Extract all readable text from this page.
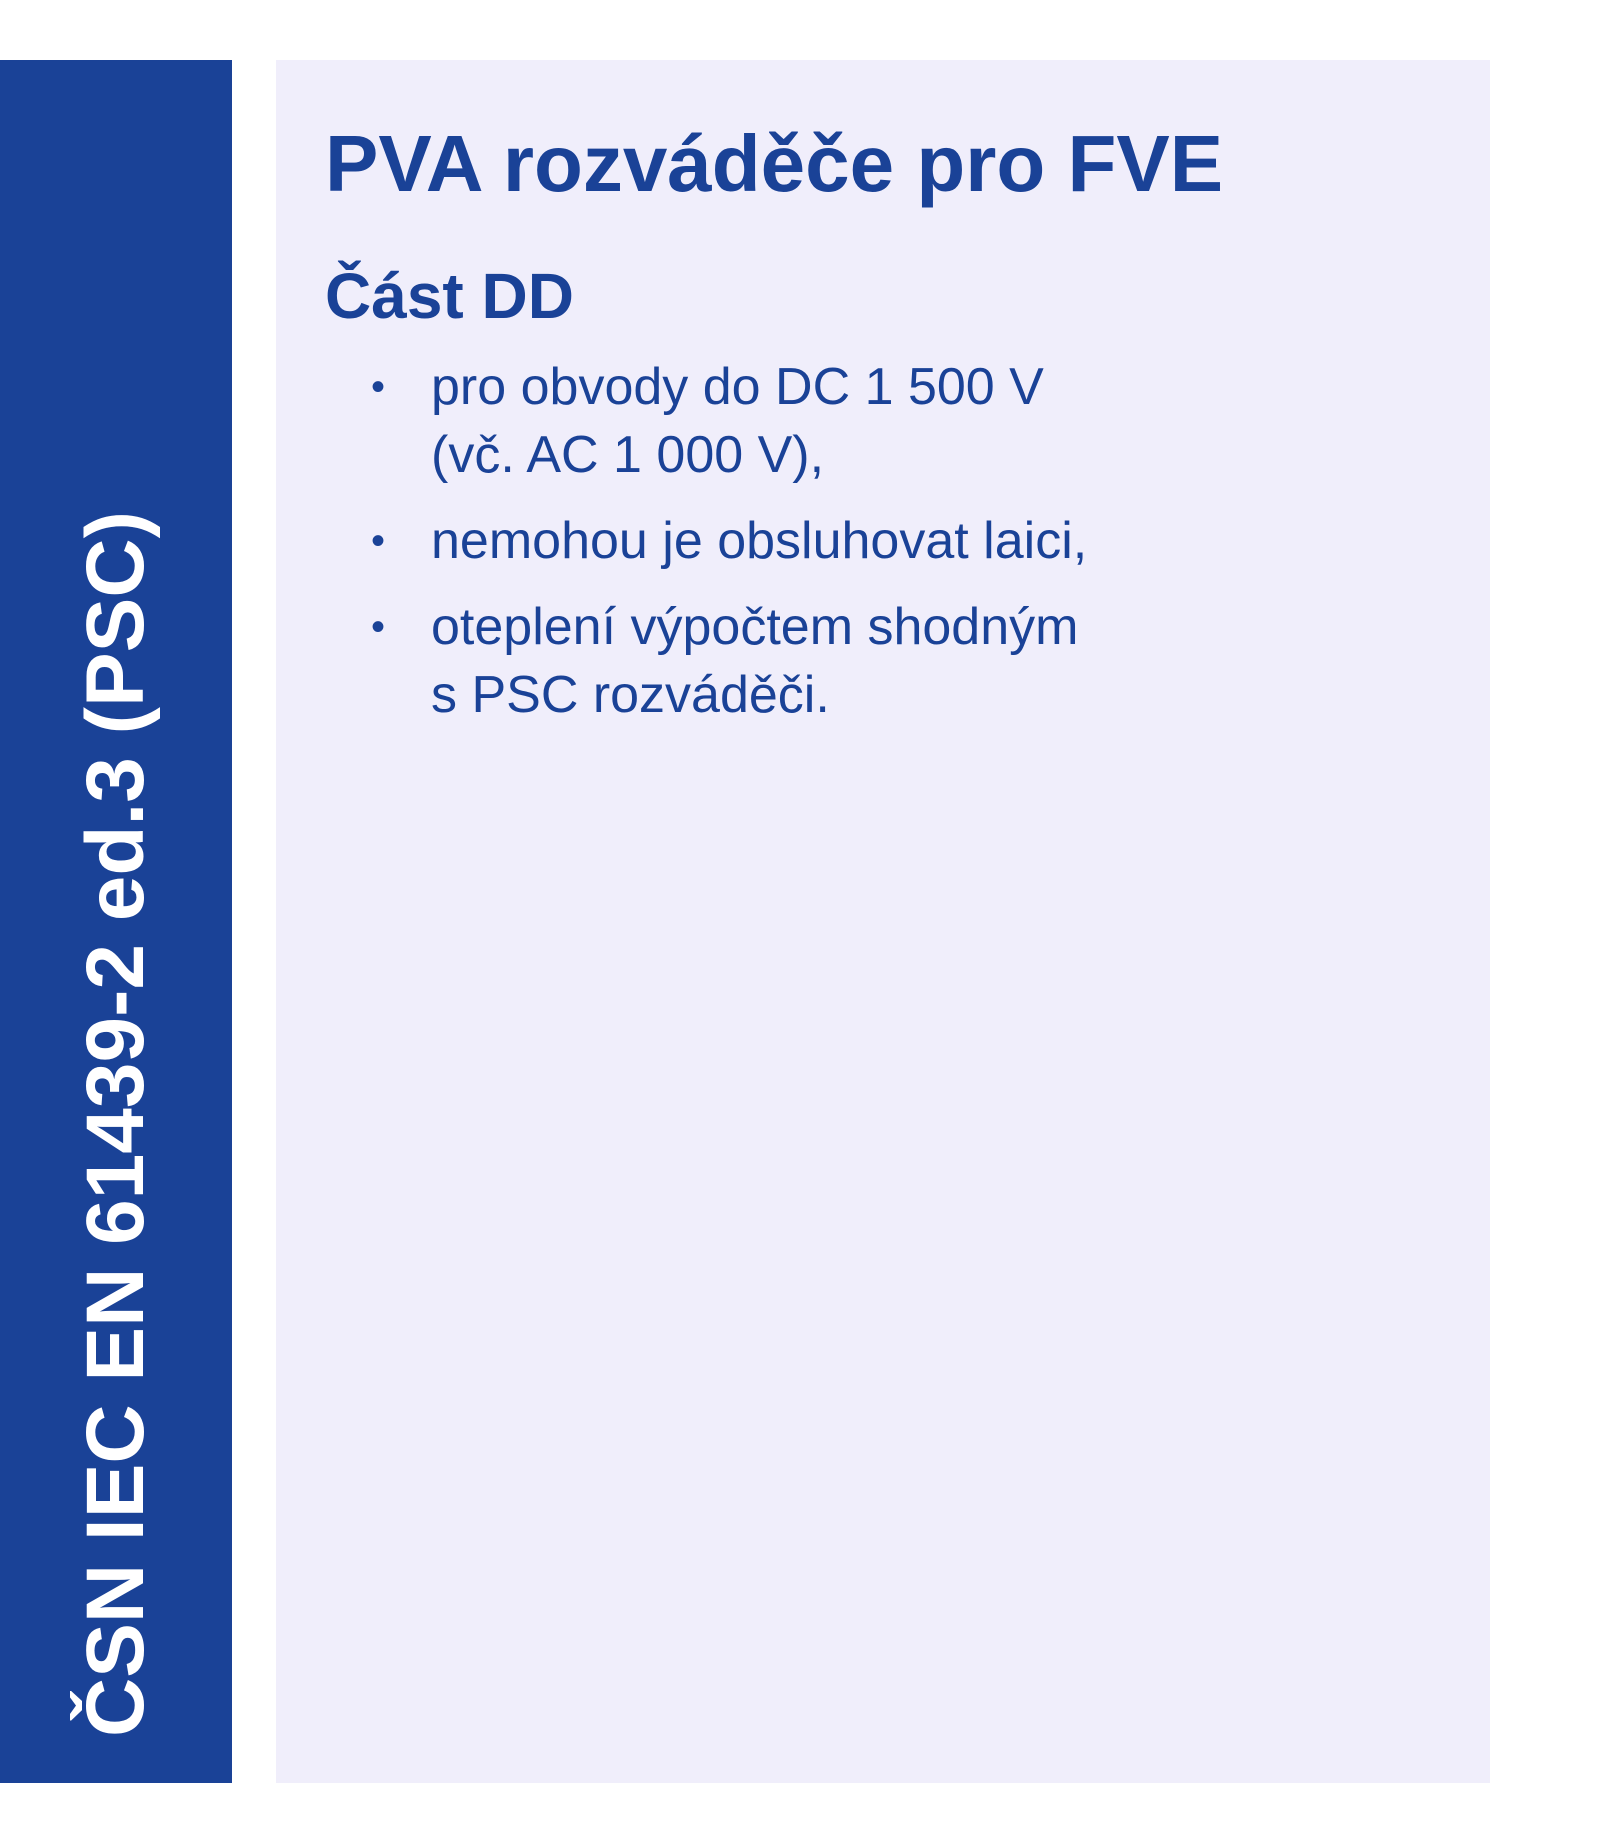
ČSN IEC EN 61439-2 ed.3 (PSC)
PVA rozváděče pro FVE
Část DD
• pro obvody do DC 1 500 V
(vč. AC 1 000 V),
• nemohou je obsluhovat laici,
• oteplení výpočtem shodným
s PSC rozváděči.
